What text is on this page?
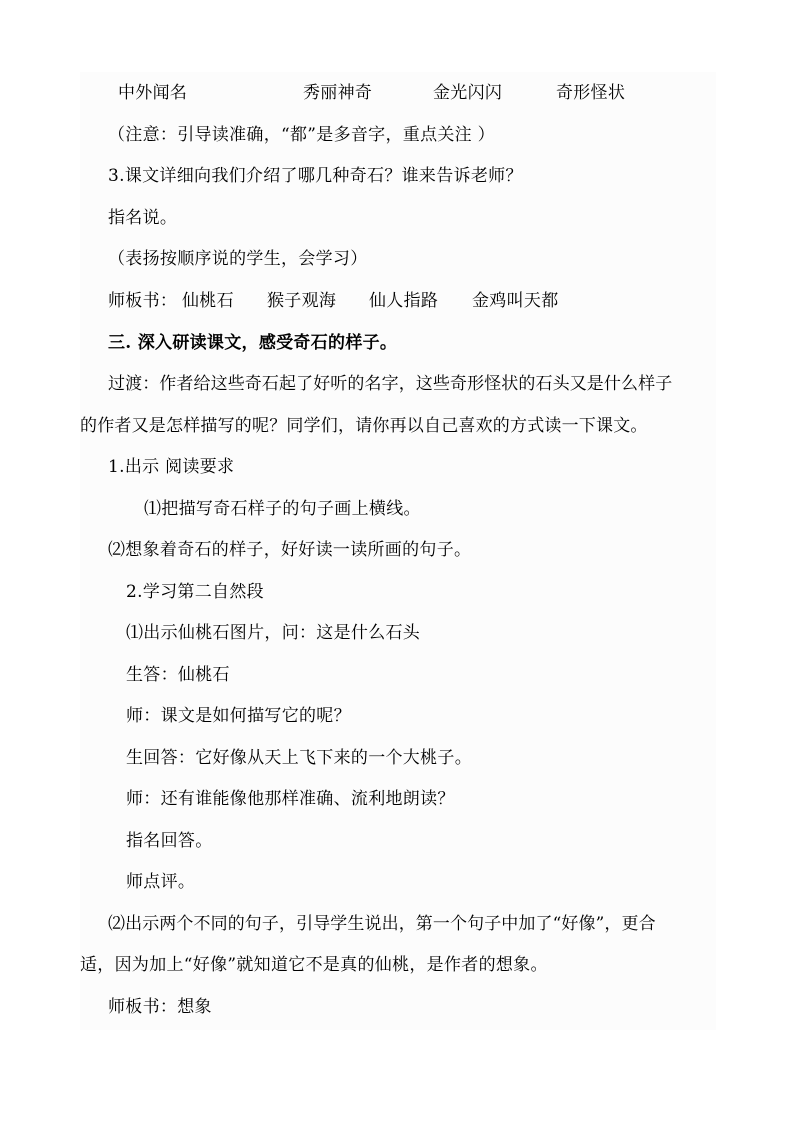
中外闻名	秀丽神奇	金光闪闪	奇形怪状
（注意：引导读准确，“都”是多音字，重点关注 ）
3.课文详细向我们介绍了哪几种奇石？谁来告诉老师？
指名说。
（表扬按顺序说的学生，会学习）
师板书： 仙桃石 猴子观海 仙人指路 金鸡叫天都
三. 深入研读课文，感受奇石的样子。
过渡：作者给这些奇石起了好听的名字，这些奇形怪状的石头又是什么样子
的作者又是怎样描写的呢？同学们，请你再以自己喜欢的方式读一下课文。
1.出示 阅读要求
⑴把描写奇石样子的句子画上横线。
⑵想象着奇石的样子，好好读一读所画的句子。
2.学习第二自然段
⑴出示仙桃石图片，问：这是什么石头
生答：仙桃石
师：课文是如何描写它的呢？
生回答：它好像从天上飞下来的一个大桃子。
师：还有谁能像他那样准确、流利地朗读？
指名回答。
师点评。
⑵出示两个不同的句子，引导学生说出，第一个句子中加了“好像”，更合
适，因为加上“好像”就知道它不是真的仙桃，是作者的想象。
师板书：想象
